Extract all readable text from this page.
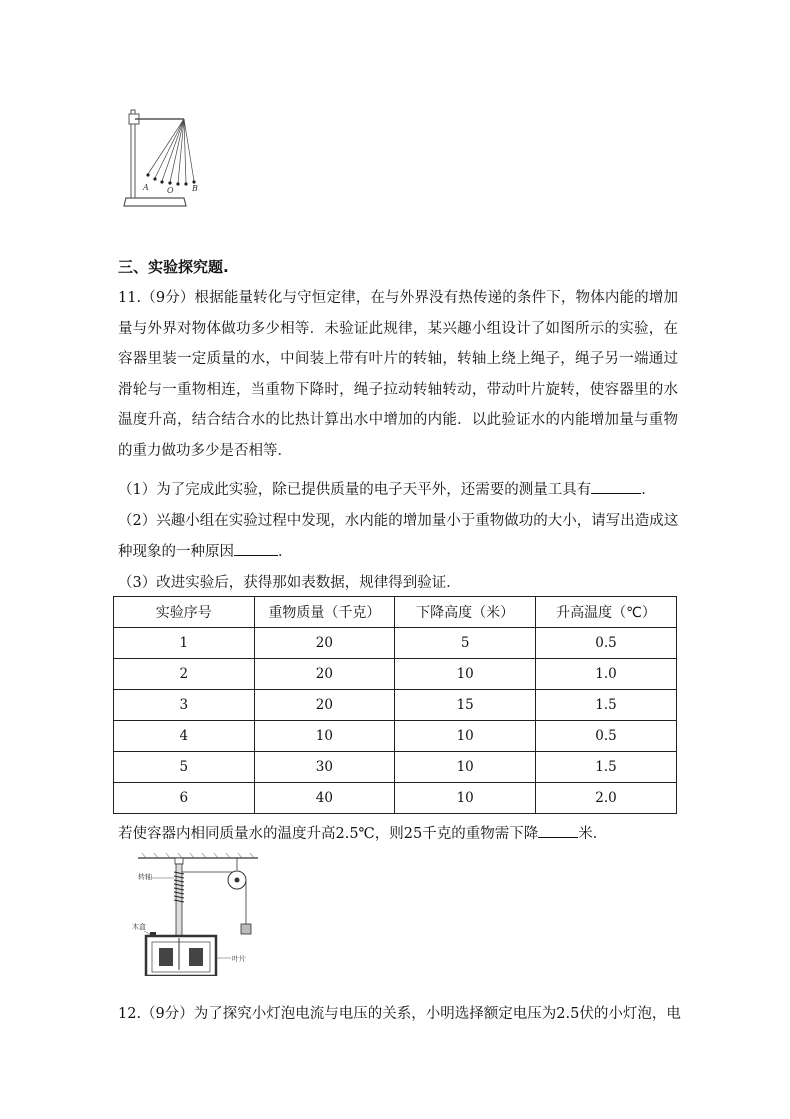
A O B
三、实验探究题.
11.（9分）根据能量转化与守恒定律，在与外界没有热传递的条件下，物体内能的增加量与外界对物体做功多少相等．未验证此规律，某兴趣小组设计了如图所示的实验，在容器里装一定质量的水，中间装上带有叶片的转轴，转轴上绕上绳子，绳子另一端通过滑轮与一重物相连，当重物下降时，绳子拉动转轴转动，带动叶片旋转，使容器里的水温度升高，结合结合水的比热计算出水中增加的内能．以此验证水的内能增加量与重物的重力做功多少是否相等．
（1）为了完成此实验，除已提供质量的电子天平外，还需要的测量工具有	．
（2）兴趣小组在实验过程中发现，水内能的增加量小于重物做功的大小，请写出造成这
种现象的一种原因	．
（3）改进实验后，获得那如表数据，规律得到验证．
实验序号	重物质量（千克）	下降高度（米）	升高温度（℃）
1	20	5	0.5
2	20	10	1.0
3	20	15	1.5
4	10	10	0.5
5	30	10	1.5
6	40	10	2.0
若使容器内相同质量水的温度升高2.5℃，则25千克的重物需下降	米．
转轴
木盒
叶片
12.（9分）为了探究小灯泡电流与电压的关系，小明选择额定电压为2.5伏的小灯泡，电
